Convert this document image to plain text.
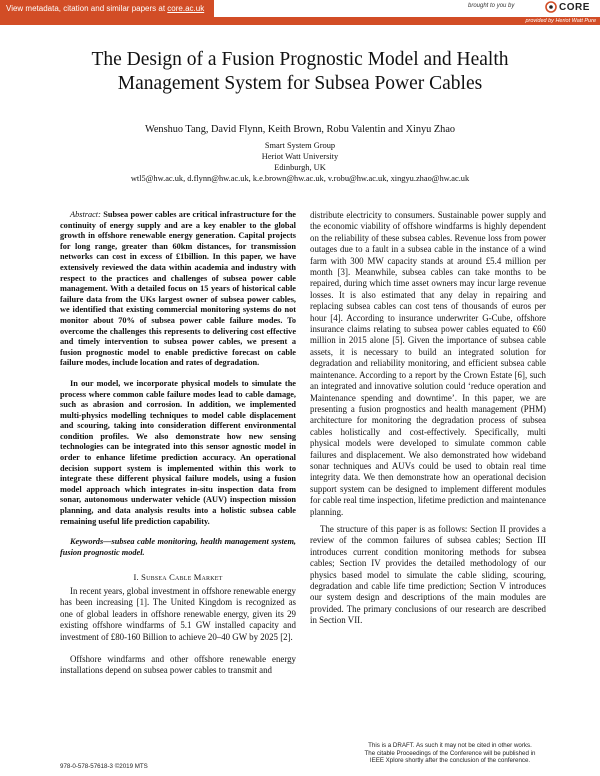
View metadata, citation and similar papers at core.ac.uk	brought to you by	CORE
provided by Heriot Watt Pure
The Design of a Fusion Prognostic Model and Health Management System for Subsea Power Cables
Wenshuo Tang, David Flynn, Keith Brown, Robu Valentin and Xinyu Zhao
Smart System Group
Heriot Watt University
Edinburgh, UK
wtl5@hw.ac.uk, d.flynn@hw.ac.uk, k.e.brown@hw.ac.uk, v.robu@hw.ac.uk, xingyu.zhao@hw.ac.uk

Abstract: Subsea power cables are critical infrastructure for the continuity of energy supply and are a key enabler to the global growth in offshore renewable energy generation. Capital projects for long range, greater than 60km distances, for transmission networks can cost in excess of £1billion. In this paper, we have extensively reviewed the data within academia and industry with respect to the practices and challenges of subsea power cable management. With a detailed focus on 15 years of historical cable failure data from the UKs largest owner of subsea power cables, we identified that existing commercial monitoring systems do not monitor about 70% of subsea power cable failure modes. To overcome the challenges this represents to delivering cost effective and timely intervention to subsea power cables, we present a fusion prognostic model to enable predictive forecast on cable failure modes, include location and rates of degradation.

In our model, we incorporate physical models to simulate the process where common cable failure modes lead to cable damage, such as abrasion and corrosion. In addition, we implemented multi-physics modelling techniques to model cable displacement and scouring, taking into consideration different environmental condition profiles. We also demonstrate how new sensing technologies can be integrated into this sensor agnostic model in order to enhance lifetime prediction accuracy. An operational decision support system is implemented within this work to integrate these different physical failure models, using a fusion model approach which integrates in-situ inspection data from sonar, autonomous underwater vehicle (AUV) inspection mission planning, and data analysis results into a holistic subsea cable remaining useful life prediction capability.

Keywords—subsea cable monitoring, health management system, fusion prognostic model.

I. Subsea Cable Market

In recent years, global investment in offshore renewable energy has been increasing [1]. The United Kingdom is recognized as one of global leaders in offshore renewable energy, given its 29 existing offshore windfarms of 5.1 GW installed capacity and investment of £80-160 Billion to achieve 20–40 GW by 2025 [2].

Offshore windfarms and other offshore renewable energy installations depend on subsea power cables to transmit and

distribute electricity to consumers. Sustainable power supply and the economic viability of offshore windfarms is highly dependent on the reliability of these subsea cables. Revenue loss from power outages due to a fault in a subsea cable in the instance of a wind farm with 300 MW capacity stands at around £5.4 million per month [3]. Meanwhile, subsea cables can take months to be repaired, during which time asset owners may incur large revenue losses. It is also estimated that any delay in repairing and replacing subsea cables can cost tens of thousands of euros per hour [4]. According to insurance underwriter G-Cube, offshore insurance claims relating to subsea power cables equated to €60 million in 2015 alone [5]. Given the importance of subsea cable assets, it is necessary to build an integrated solution for degradation and reliability monitoring, and efficient subsea cable maintenance. According to a report by the Crown Estate [6], such an integrated and innovative solution could ‘reduce operation and Maintenance spending and downtime’. In this paper, we are presenting a fusion prognostics and health management (PHM) architecture for monitoring the degradation process of subsea cables holistically and cost-effectively. Specifically, multi physical models were developed to simulate common cable failures and displacement. We also demonstrated how wideband sonar techniques and AUVs could be used to obtain real time integrity data. We then demonstrate how an operational decision support system can be designed to implement different modules for cable real time inspection, lifetime prediction and maintenance planning.

The structure of this paper is as follows: Section II provides a review of the common failures of subsea cables; Section III introduces current condition monitoring methods for subsea cables; Section IV provides the detailed methodology of our physics based model to simulate the cable sliding, scouring, degradation and cable life time prediction; Section V introduces our system design and descriptions of the main modules are provided. The primary conclusions of our research are described in Section VII.

This is a DRAFT. As such it may not be cited in other works.
The citable Proceedings of the Conference will be published in
IEEE Xplore shortly after the conclusion of the conference.
978-0-578-57618-3 ©2019 MTS
